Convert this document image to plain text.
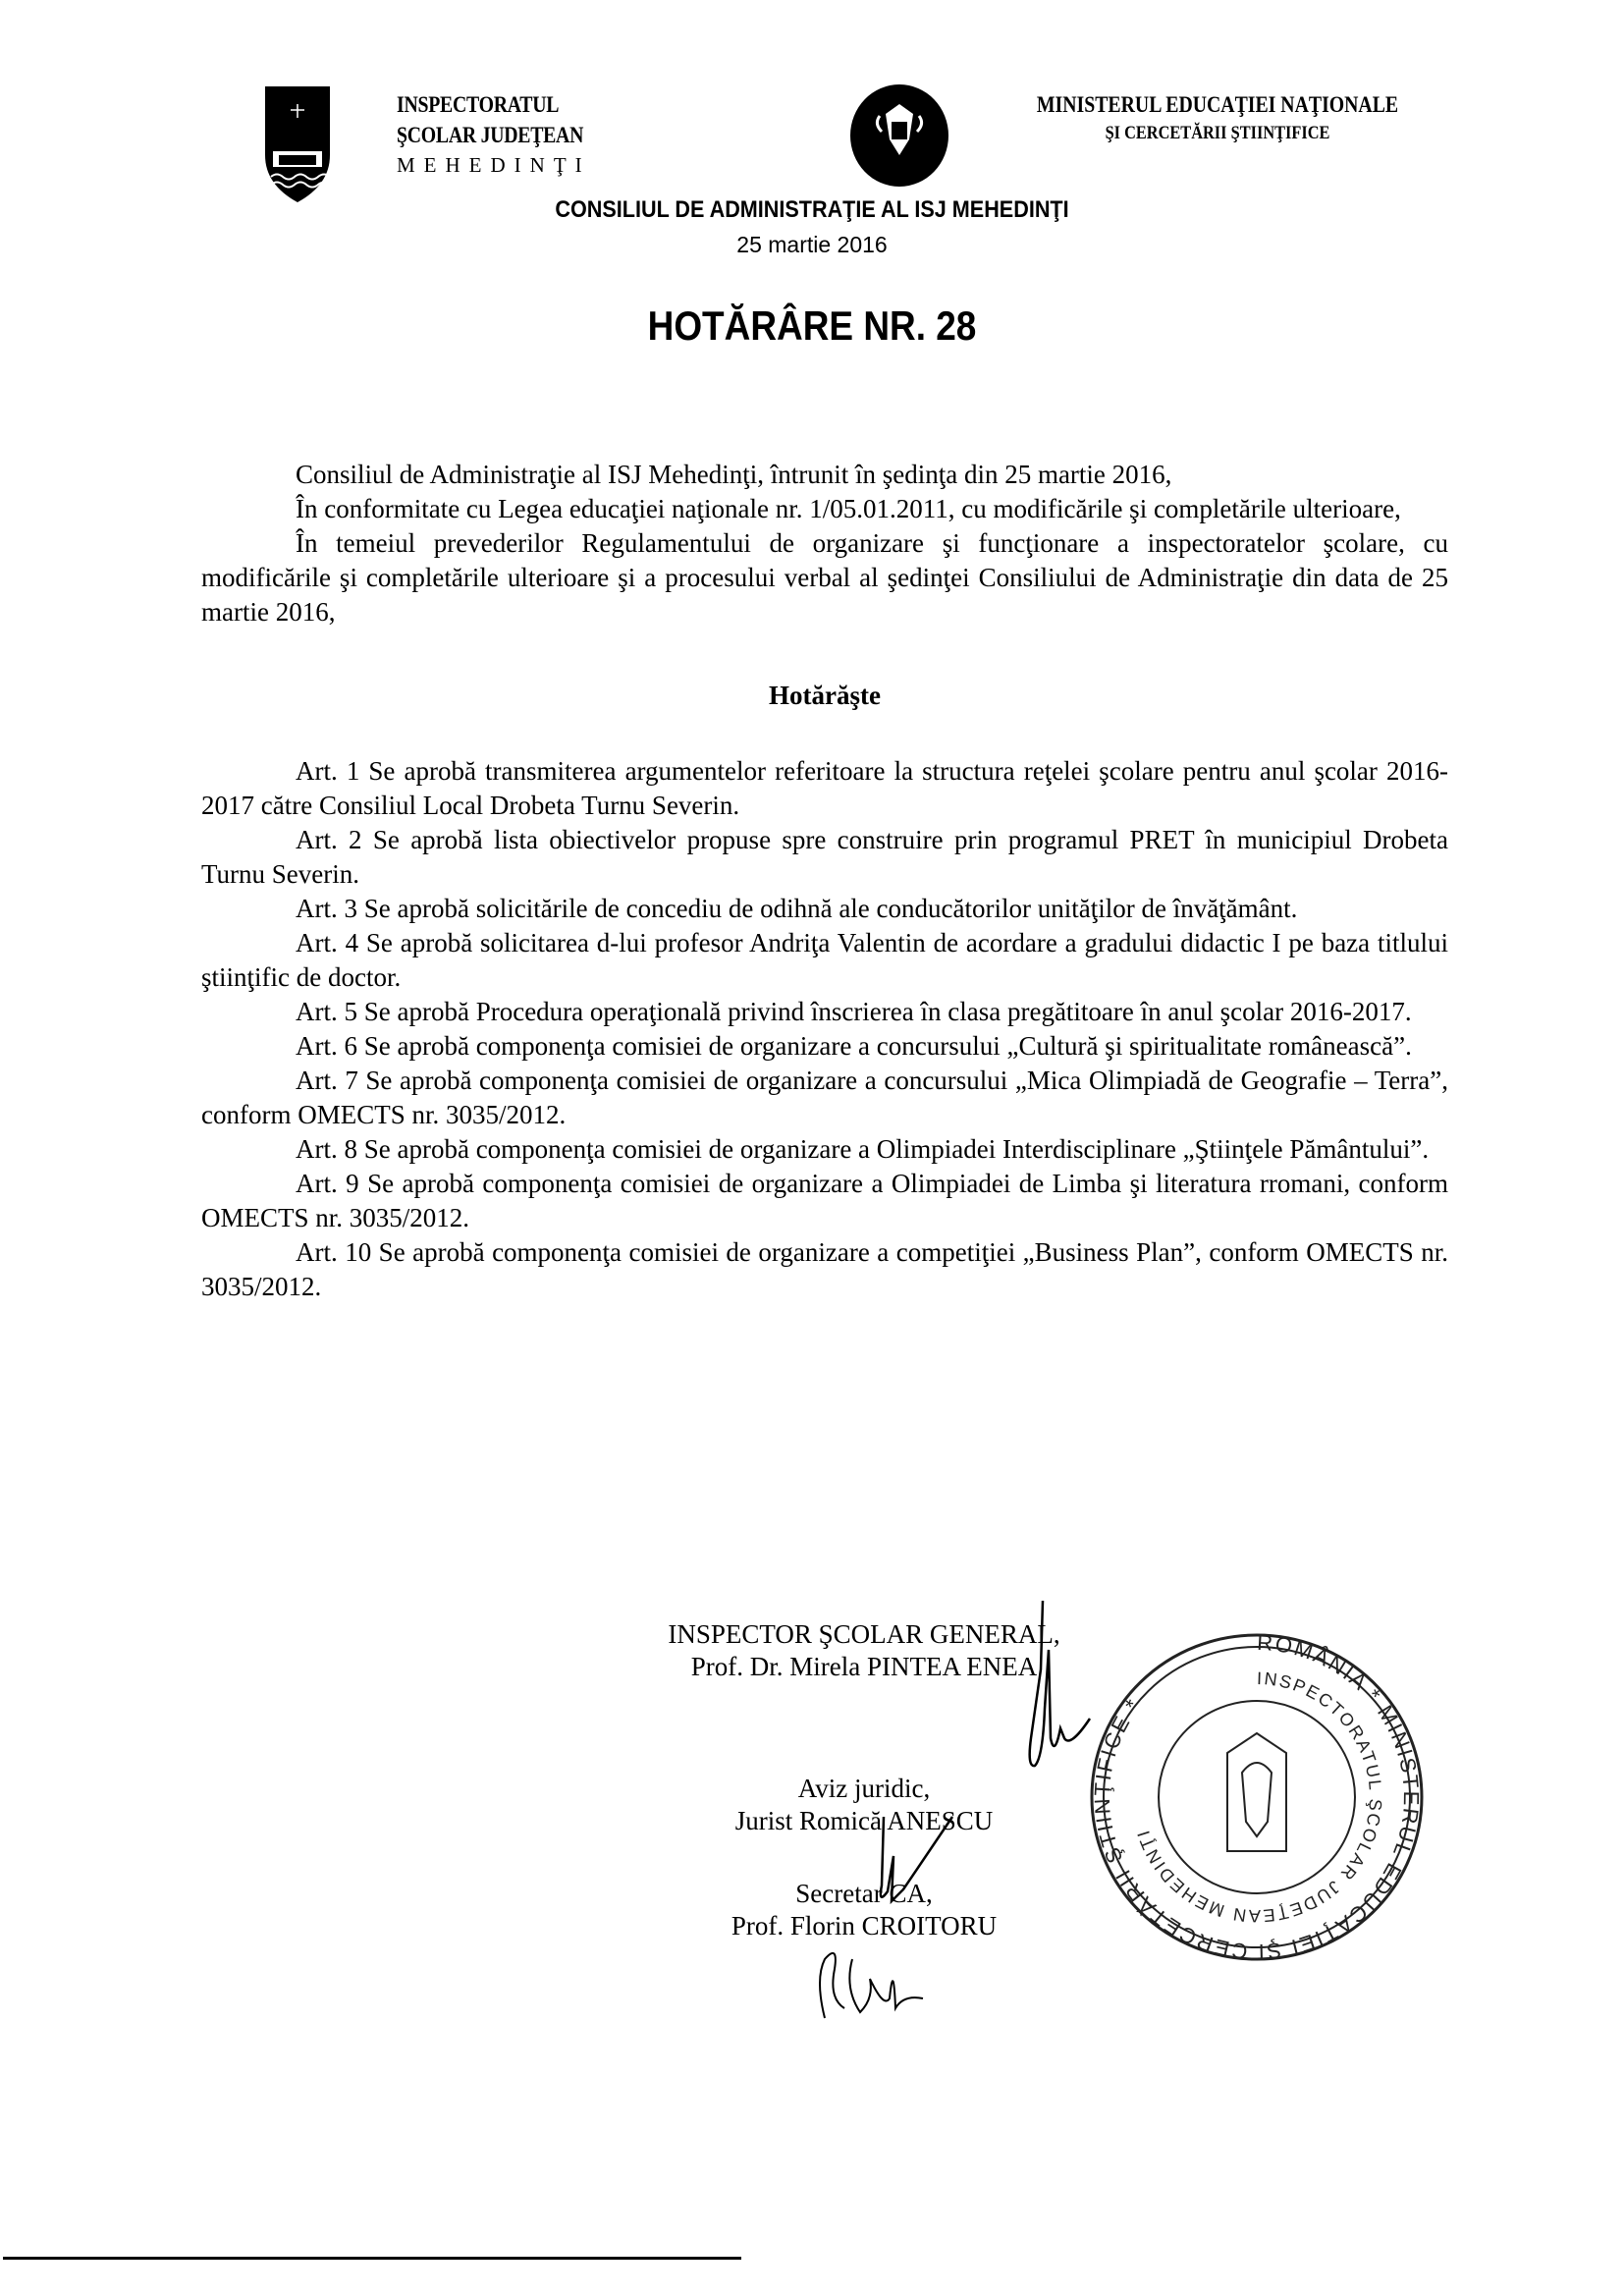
INSPECTORATUL
ŞCOLAR JUDEŢEAN
MEHEDINŢI
MINISTERUL EDUCAŢIEI NAŢIONALE
ŞI CERCETĂRII ŞTIINŢIFICE
CONSILIUL DE ADMINISTRAŢIE AL ISJ MEHEDINŢI
25 martie 2016
HOTĂRÂRE NR. 28

Consiliul de Administraţie al ISJ Mehedinţi, întrunit în şedinţa din 25 martie 2016,

În conformitate cu Legea educaţiei naţionale nr. 1/05.01.2011, cu modificările şi completările ulterioare,

În temeiul prevederilor Regulamentului de organizare şi funcţionare a inspectoratelor şcolare, cu modificările şi completările ulterioare şi a procesului verbal al şedinţei Consiliului de Administraţie din data de 25 martie 2016,

Hotărăşte

Art. 1 Se aprobă transmiterea argumentelor referitoare la structura reţelei şcolare pentru anul şcolar 2016-2017 către Consiliul Local Drobeta Turnu Severin.

Art. 2 Se aprobă lista obiectivelor propuse spre construire prin programul PRET în municipiul Drobeta Turnu Severin.

Art. 3 Se aprobă solicitările de concediu de odihnă ale conducătorilor unităţilor de învăţământ.

Art. 4 Se aprobă solicitarea d-lui profesor Andriţa Valentin de acordare a gradului didactic I pe baza titlului ştiinţific de doctor.

Art. 5 Se aprobă Procedura operaţională privind înscrierea în clasa pregătitoare în anul şcolar 2016-2017.

Art. 6 Se aprobă componenţa comisiei de organizare a concursului „Cultură şi spiritualitate românească”.

Art. 7 Se aprobă componenţa comisiei de organizare a concursului „Mica Olimpiadă de Geografie – Terra”, conform OMECTS nr. 3035/2012.

Art. 8 Se aprobă componenţa comisiei de organizare a Olimpiadei Interdisciplinare „Ştiinţele Pământului”.

Art. 9 Se aprobă componenţa comisiei de organizare a Olimpiadei de Limba şi literatura rromani, conform OMECTS nr. 3035/2012.

Art. 10 Se aprobă componenţa comisiei de organizare a competiţiei „Business Plan”, conform OMECTS nr. 3035/2012.

INSPECTOR ŞCOLAR GENERAL,
Prof. Dr. Mirela PINTEA ENEA
Aviz juridic,
Jurist Romică ANESCU
Secretar CA,
Prof. Florin CROITORU
ROMÂNIA * MINISTERUL EDUCAŢIEI ŞI CERCETĂRII ŞTIINŢIFICE *
INSPECTORATUL ŞCOLAR JUDEŢEAN MEHEDINŢI
